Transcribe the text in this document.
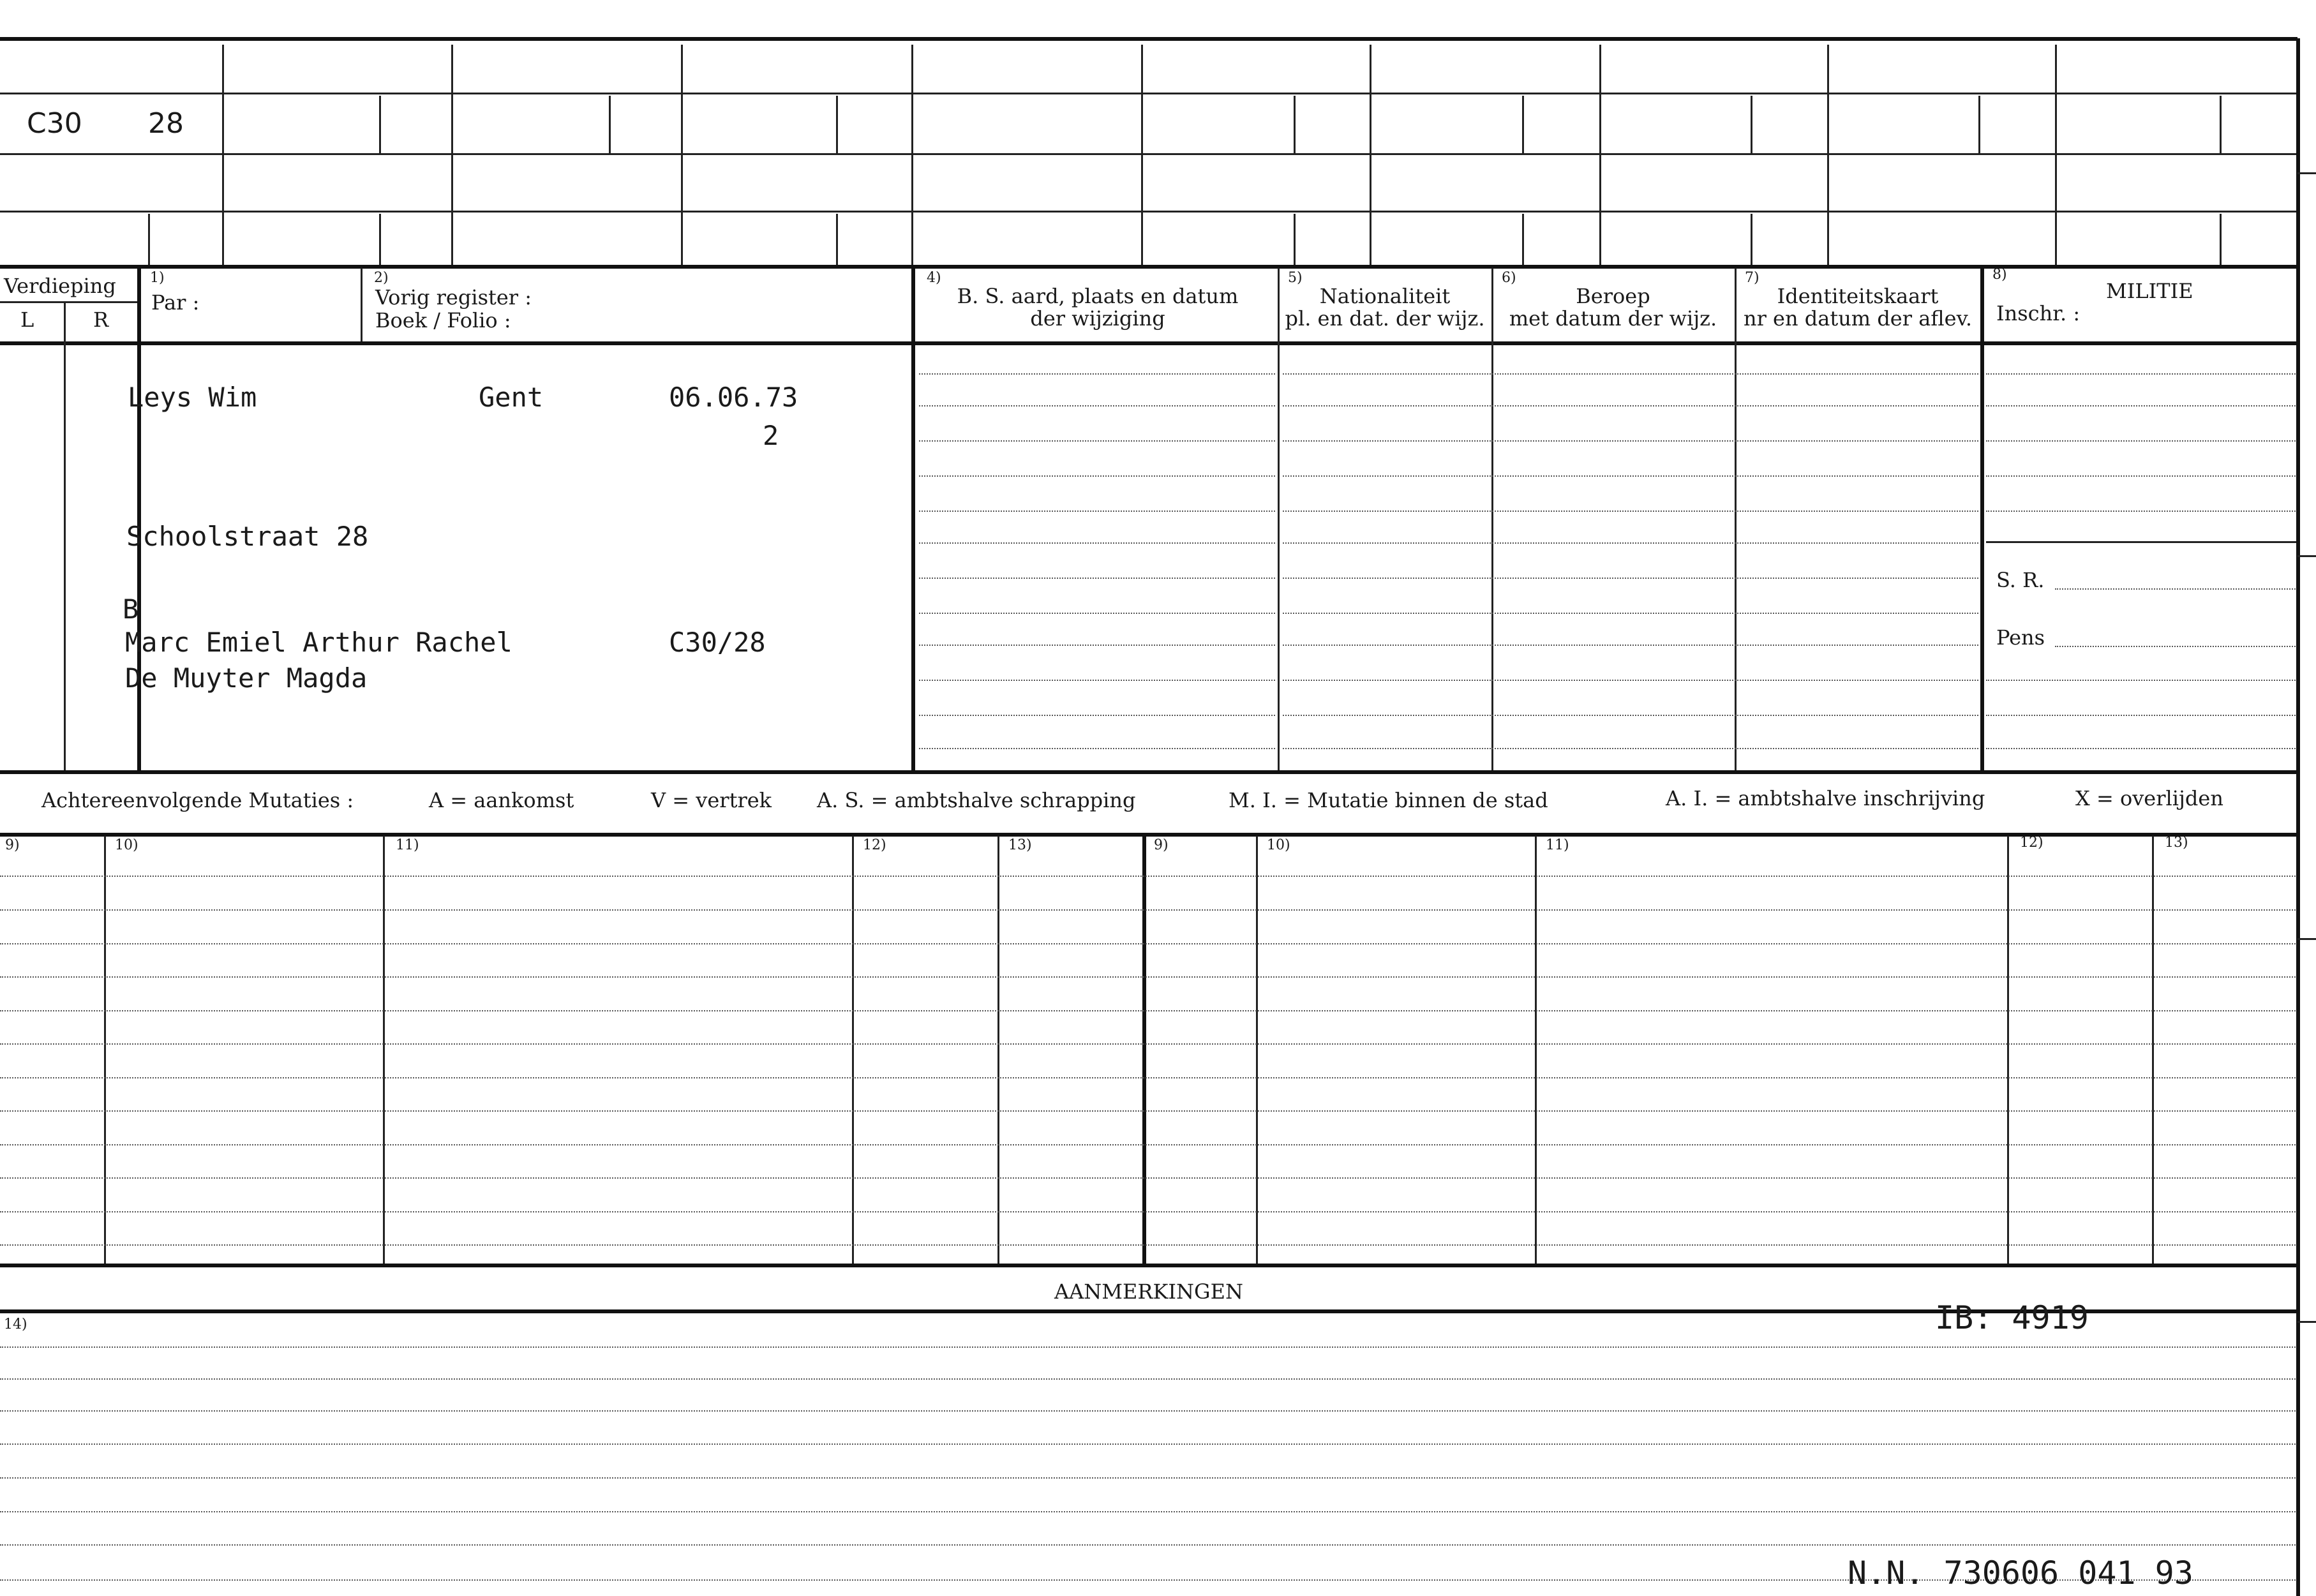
C30 28
Verdieping
L	R
1)
Par :
2)
Vorig register :
Boek / Folio :
4)
B. S. aard, plaats en datum
der wijziging
5)
Nationaliteit
pl. en dat. der wijz.
6)
Beroep
met datum der wijz.
7)
Identiteitskaart
nr en datum der aflev.
8)
MILITIE
Inschr. :
S. R.
Pens
Leys Wim	Gent	06.06.73
2
Schoolstraat 28
B
Marc Emiel Arthur Rachel	C30/28
De Muyter Magda
Achtereenvolgende Mutaties :	A = aankomst	V = vertrek A. S. = ambtshalve schrapping	M. I. = Mutatie binnen de stad	A. I. = ambtshalve inschrijving	X = overlijden
9)	10)	11)	12)	13)	9)	10)	11)	12)	13)
AANMERKINGEN
14)	IB: 4919
N.N. 730606 041 93
